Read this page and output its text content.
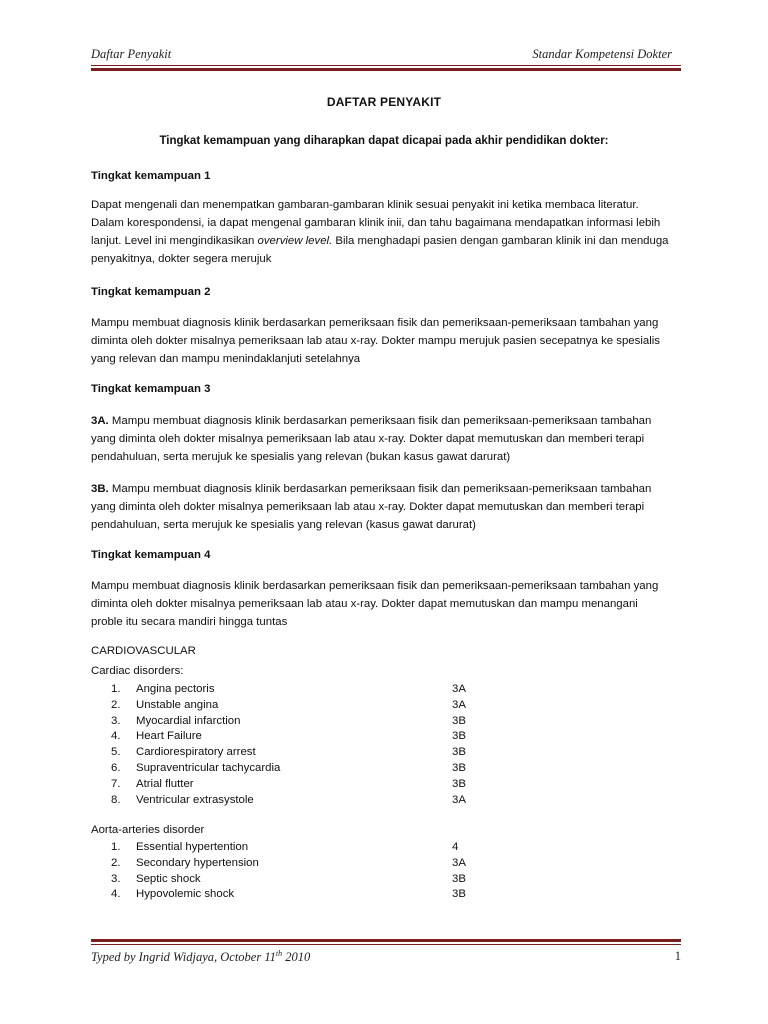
Daftar Penyakit	Standar Kompetensi Dokter
DAFTAR PENYAKIT
Tingkat kemampuan yang diharapkan dapat dicapai pada akhir pendidikan dokter:
Tingkat kemampuan 1
Dapat mengenali dan menempatkan gambaran-gambaran klinik sesuai penyakit ini ketika membaca literatur.
Dalam korespondensi, ia dapat mengenal gambaran klinik inii, dan tahu bagaimana mendapatkan informasi lebih
lanjut. Level ini mengindikasikan overview level. Bila menghadapi pasien dengan gambaran klinik ini dan menduga
penyakitnya, dokter segera merujuk
Tingkat kemampuan 2
Mampu membuat diagnosis klinik berdasarkan pemeriksaan fisik dan pemeriksaan-pemeriksaan tambahan yang
diminta oleh dokter misalnya pemeriksaan lab atau x-ray. Dokter mampu merujuk pasien secepatnya ke spesialis
yang relevan dan mampu menindaklanjuti setelahnya
Tingkat kemampuan 3
3A. Mampu membuat diagnosis klinik berdasarkan pemeriksaan fisik dan pemeriksaan-pemeriksaan tambahan
yang diminta oleh dokter misalnya pemeriksaan lab atau x-ray. Dokter dapat memutuskan dan memberi terapi
pendahuluan, serta merujuk ke spesialis yang relevan (bukan kasus gawat darurat)
3B. Mampu membuat diagnosis klinik berdasarkan pemeriksaan fisik dan pemeriksaan-pemeriksaan tambahan
yang diminta oleh dokter misalnya pemeriksaan lab atau x-ray. Dokter dapat memutuskan dan memberi terapi
pendahuluan, serta merujuk ke spesialis yang relevan (kasus gawat darurat)
Tingkat kemampuan 4
Mampu membuat diagnosis klinik berdasarkan pemeriksaan fisik dan pemeriksaan-pemeriksaan tambahan yang
diminta oleh dokter misalnya pemeriksaan lab atau x-ray. Dokter dapat memutuskan dan mampu menangani
proble itu secara mandiri hingga tuntas
CARDIOVASCULAR
Cardiac disorders:
1. Angina pectoris	3A
2. Unstable angina	3A
3. Myocardial infarction	3B
4. Heart Failure	3B
5. Cardiorespiratory arrest	3B
6. Supraventricular tachycardia	3B
7. Atrial flutter	3B
8. Ventricular extrasystole	3A
Aorta-arteries disorder
1. Essential hypertention	4
2. Secondary hypertension	3A
3. Septic shock	3B
4. Hypovolemic shock	3B
Typed by Ingrid Widjaya, October 11th 2010	1
